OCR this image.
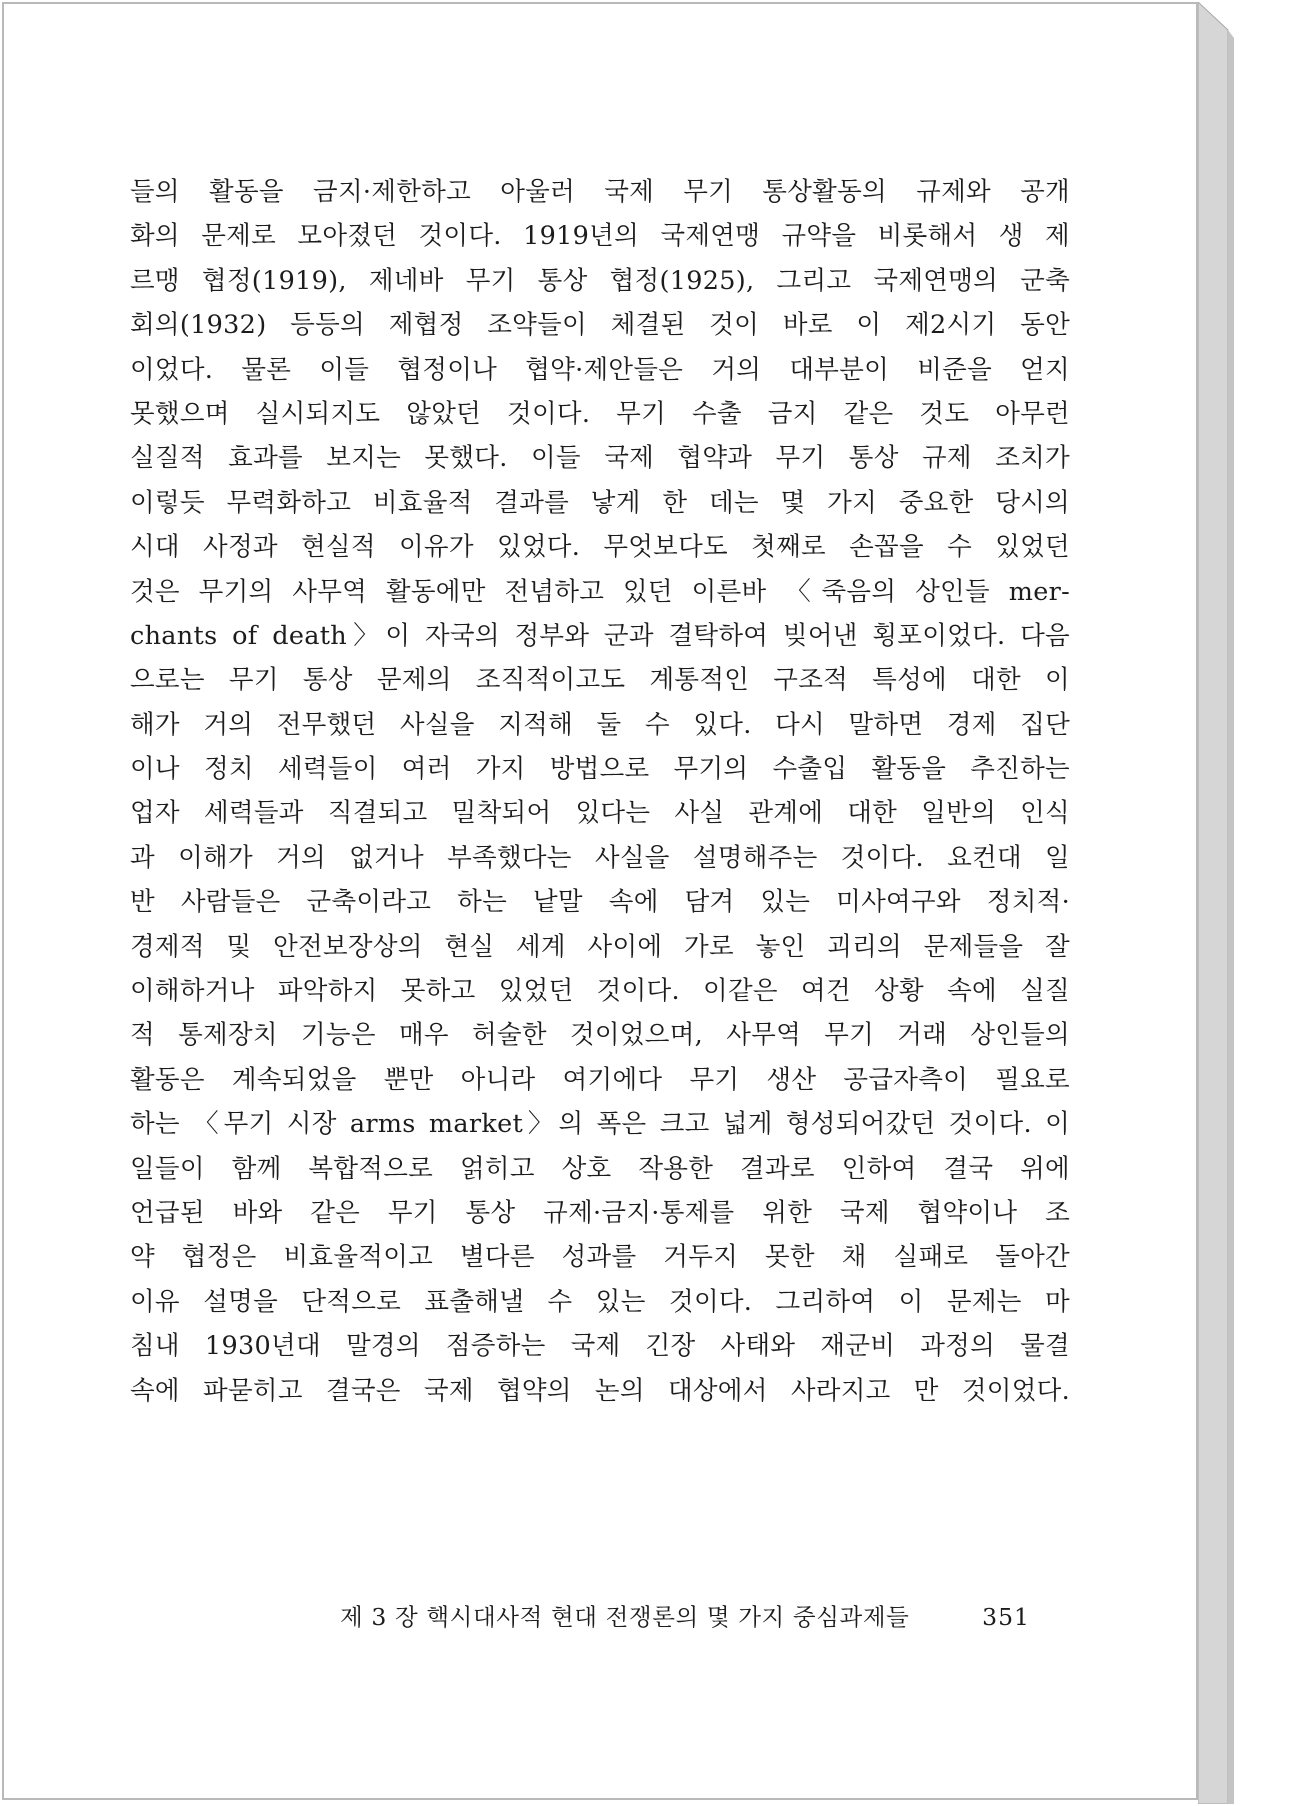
들의 활동을 금지·제한하고 아울러 국제 무기 통상활동의 규제와 공개
화의 문제로 모아졌던 것이다. 1919년의 국제연맹 규약을 비롯해서 생 제
르맹 협정(1919), 제네바 무기 통상 협정(1925), 그리고 국제연맹의 군축
회의(1932) 등등의 제협정 조약들이 체결된 것이 바로 이 제2시기 동안
이었다. 물론 이들 협정이나 협약·제안들은 거의 대부분이 비준을 얻지
못했으며 실시되지도 않았던 것이다. 무기 수출 금지 같은 것도 아무런
실질적 효과를 보지는 못했다. 이들 국제 협약과 무기 통상 규제 조치가
이렇듯 무력화하고 비효율적 결과를 낳게 한 데는 몇 가지 중요한 당시의
시대 사정과 현실적 이유가 있었다. 무엇보다도 첫째로 손꼽을 수 있었던
것은 무기의 사무역 활동에만 전념하고 있던 이른바 〈죽음의 상인들 mer-
chants of death〉이 자국의 정부와 군과 결탁하여 빚어낸 횡포이었다. 다음
으로는 무기 통상 문제의 조직적이고도 계통적인 구조적 특성에 대한 이
해가 거의 전무했던 사실을 지적해 둘 수 있다. 다시 말하면 경제 집단
이나 정치 세력들이 여러 가지 방법으로 무기의 수출입 활동을 추진하는
업자 세력들과 직결되고 밀착되어 있다는 사실 관계에 대한 일반의 인식
과 이해가 거의 없거나 부족했다는 사실을 설명해주는 것이다. 요컨대 일
반 사람들은 군축이라고 하는 낱말 속에 담겨 있는 미사여구와 정치적·
경제적 및 안전보장상의 현실 세계 사이에 가로 놓인 괴리의 문제들을 잘
이해하거나 파악하지 못하고 있었던 것이다. 이같은 여건 상황 속에 실질
적 통제장치 기능은 매우 허술한 것이었으며, 사무역 무기 거래 상인들의
활동은 계속되었을 뿐만 아니라 여기에다 무기 생산 공급자측이 필요로
하는 〈무기 시장 arms market〉의 폭은 크고 넓게 형성되어갔던 것이다. 이
일들이 함께 복합적으로 얽히고 상호 작용한 결과로 인하여 결국 위에
언급된 바와 같은 무기 통상 규제·금지·통제를 위한 국제 협약이나 조
약 협정은 비효율적이고 별다른 성과를 거두지 못한 채 실패로 돌아간
이유 설명을 단적으로 표출해낼 수 있는 것이다. 그리하여 이 문제는 마
침내 1930년대 말경의 점증하는 국제 긴장 사태와 재군비 과정의 물결
속에 파묻히고 결국은 국제 협약의 논의 대상에서 사라지고 만 것이었다.
제 3 장 핵시대사적 현대 전쟁론의 몇 가지 중심과제들	351
